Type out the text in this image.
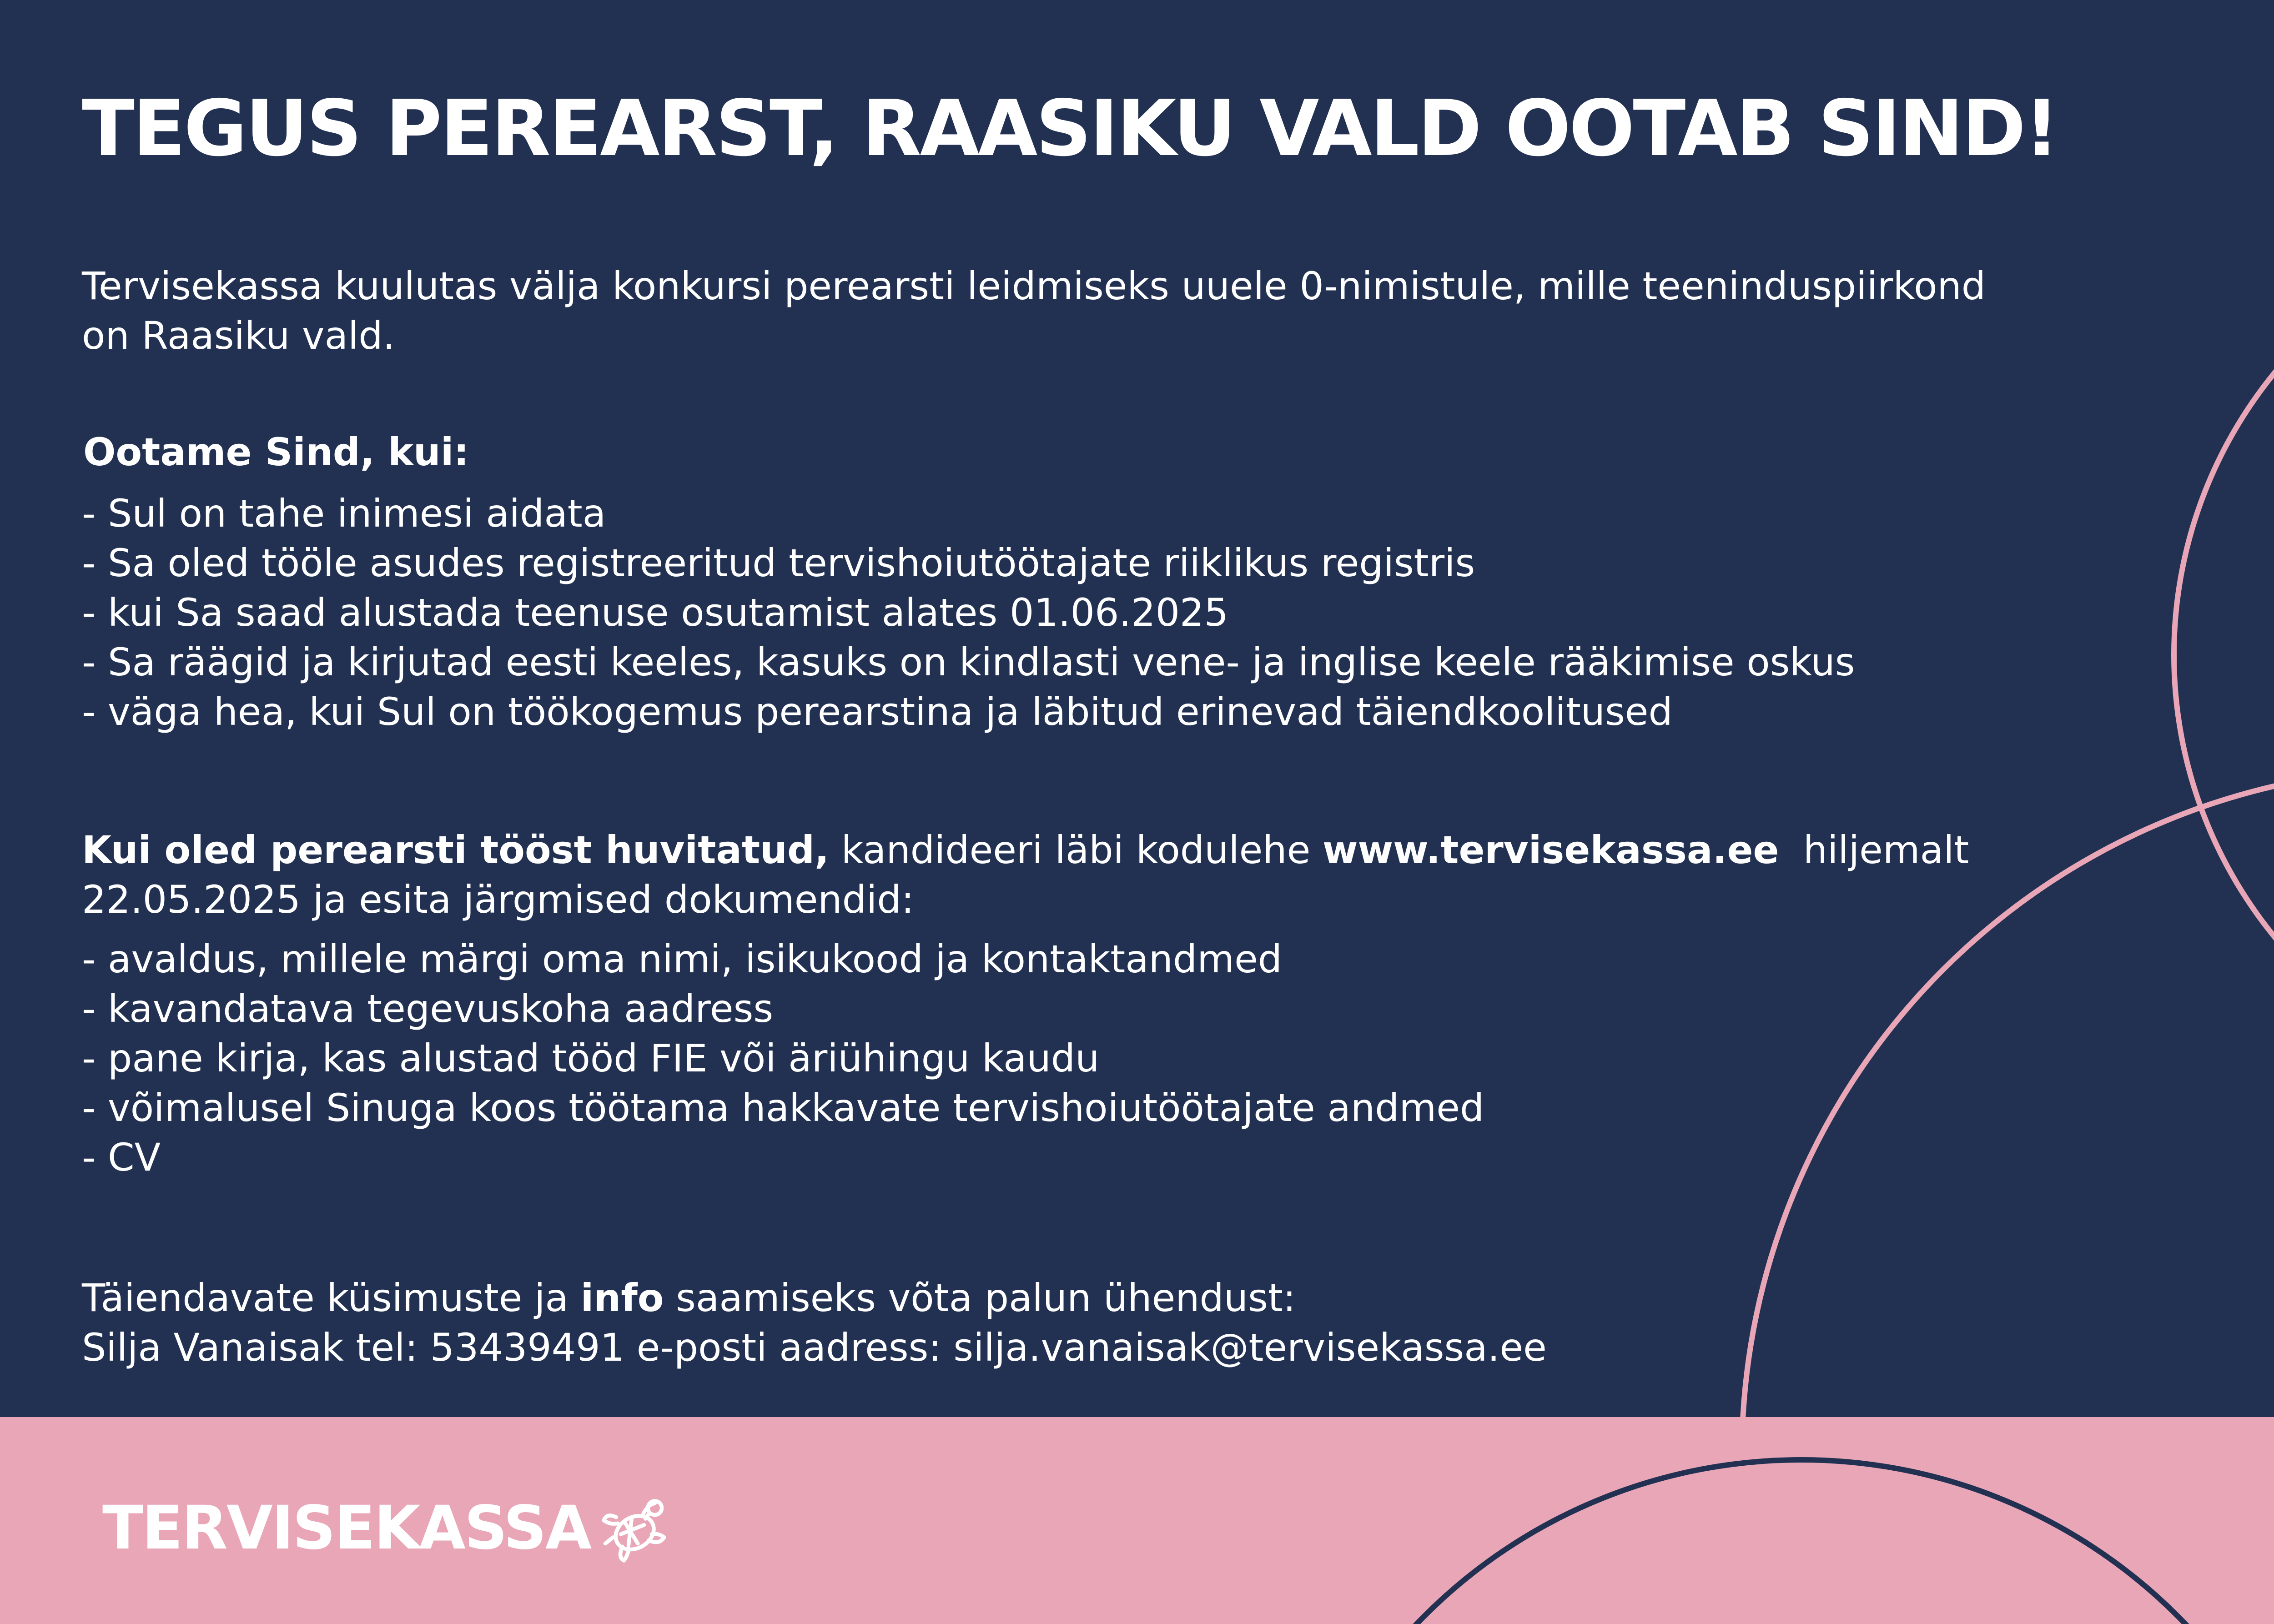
TEGUS PEREARST, RAASIKU VALD OOTAB SIND!
Tervisekassa kuulutas välja konkursi perearsti leidmiseks uuele 0-nimistule, mille teeninduspiirkond
on Raasiku vald.
Ootame Sind, kui:
- Sul on tahe inimesi aidata
- Sa oled tööle asudes registreeritud tervishoiutöötajate riiklikus registris
- kui Sa saad alustada teenuse osutamist alates 01.06.2025
- Sa räägid ja kirjutad eesti keeles, kasuks on kindlasti vene- ja inglise keele rääkimise oskus
- väga hea, kui Sul on töökogemus perearstina ja läbitud erinevad täiendkoolitused
Kui oled perearsti tööst huvitatud, kandideeri läbi kodulehe www.tervisekassa.ee  hiljemalt
22.05.2025 ja esita järgmised dokumendid:
- avaldus, millele märgi oma nimi, isikukood ja kontaktandmed
- kavandatava tegevuskoha aadress
- pane kirja, kas alustad tööd FIE või äriühingu kaudu
- võimalusel Sinuga koos töötama hakkavate tervishoiutöötajate andmed
- CV
Täiendavate küsimuste ja info saamiseks võta palun ühendust:
Silja Vanaisak tel: 53439491 e-posti aadress: silja.vanaisak@tervisekassa.ee
TERVISEKASSA
